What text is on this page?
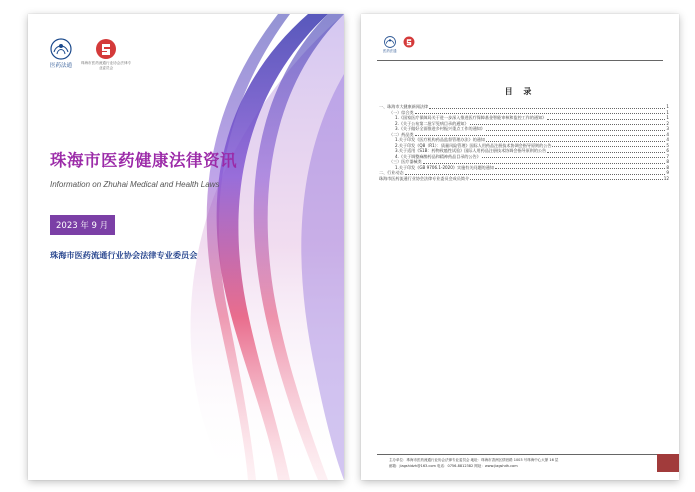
医药法通 珠海市医药流通行业协会法律专业委员会
珠海市医药健康法律资讯
Information on Zhuhai Medical and Health Laws
2023 年 9 月
珠海市医药流通行业协会法律专业委员会
医药法通
目 录
一、珠海市大健康新闻法律	1
（一）综合类	1
1.《国家医疗保障局关于进一步深入推进医疗保障基金智能审核和监控工作的通知》	1
2.《关于公布第二批罕见病目录的通知》	2
3.《关于做好全面推进乡村振兴重点工作的通知》	3
（二）药品类	4
1.关于印发《医疗机构药品监督管理办法》的通知	4
2.关于印发《Q8（R1）：质量风险管理》国际人用药品注册技术协调会指导原则的公告	5
3.关于适用《S1B：药物致癌性试验》国际人用药品注册技术协调会指导原则的公告	6
4.《关于调整麻醉药品和精神药品目录的公告》	7
（三）医疗器械类	8
1.关于印发《GB 9706.1-2020》实施有关问题的通知	8
二、行业动态	9
珠海市医药流通行业协会法律专业委员会成员简介	12
主办单位：珠海市医药流通行业协会法律专业委员会 地址：珠海市香洲区情侣路 1003 号珠海中心大厦 16 层
邮箱：jiagshidzh@163.com 电话：0756-8812382 网址：www.jiagshdh.com
